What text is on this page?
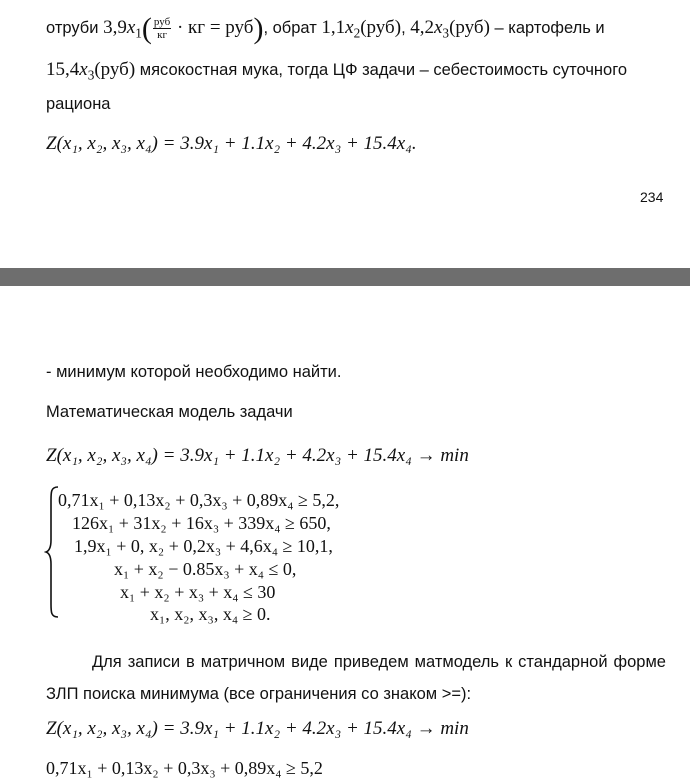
отруби $3,9x_1( \frac{\text{руб}}{кг}$ · кг = руб), обрат $1,1x_2(руб)$, $4,2x_3(руб)$ – картофель и
$15,4x_3(руб)$ мясокостная мука, тогда ЦФ задачи – себестоимость суточного
рациона
Z(x₁, x₂, x₃, x₄) = 3.9x₁ + 1.1x₂ + 4.2x₃ + 15.4x₄.
234
- минимум которой необходимо найти.
Математическая модель задачи
Z(x₁, x₂, x₃, x₄) = 3.9x₁ + 1.1x₂ + 4.2x₃ + 15.4x₄ → min
0,71x₁ + 0,13x₂ + 0,3x₃ + 0,89x₄ ≥ 5,2,
126x₁ + 31x₂ + 16x₃ + 339x₄ ≥ 650,
1,9x₁ + 0, x₂ + 0,2x₃ + 4,6x₄ ≥ 10,1,
x₁ + x₂ − 0.85x₃ + x₄ ≤ 0,
x₁ + x₂ + x₃ + x₄ ≤ 30
x₁, x₂, x₃, x₄ ≥ 0.
Для записи в матричном виде приведем матмодель к стандарной форме ЗЛП поиска минимума (все ограничения со знаком >=):
Z(x₁, x₂, x₃, x₄) = 3.9x₁ + 1.1x₂ + 4.2x₃ + 15.4x₄ → min
0,71x₁ + 0,13x₂ + 0,3x₃ + 0,89x₄ ≥ 5,2
